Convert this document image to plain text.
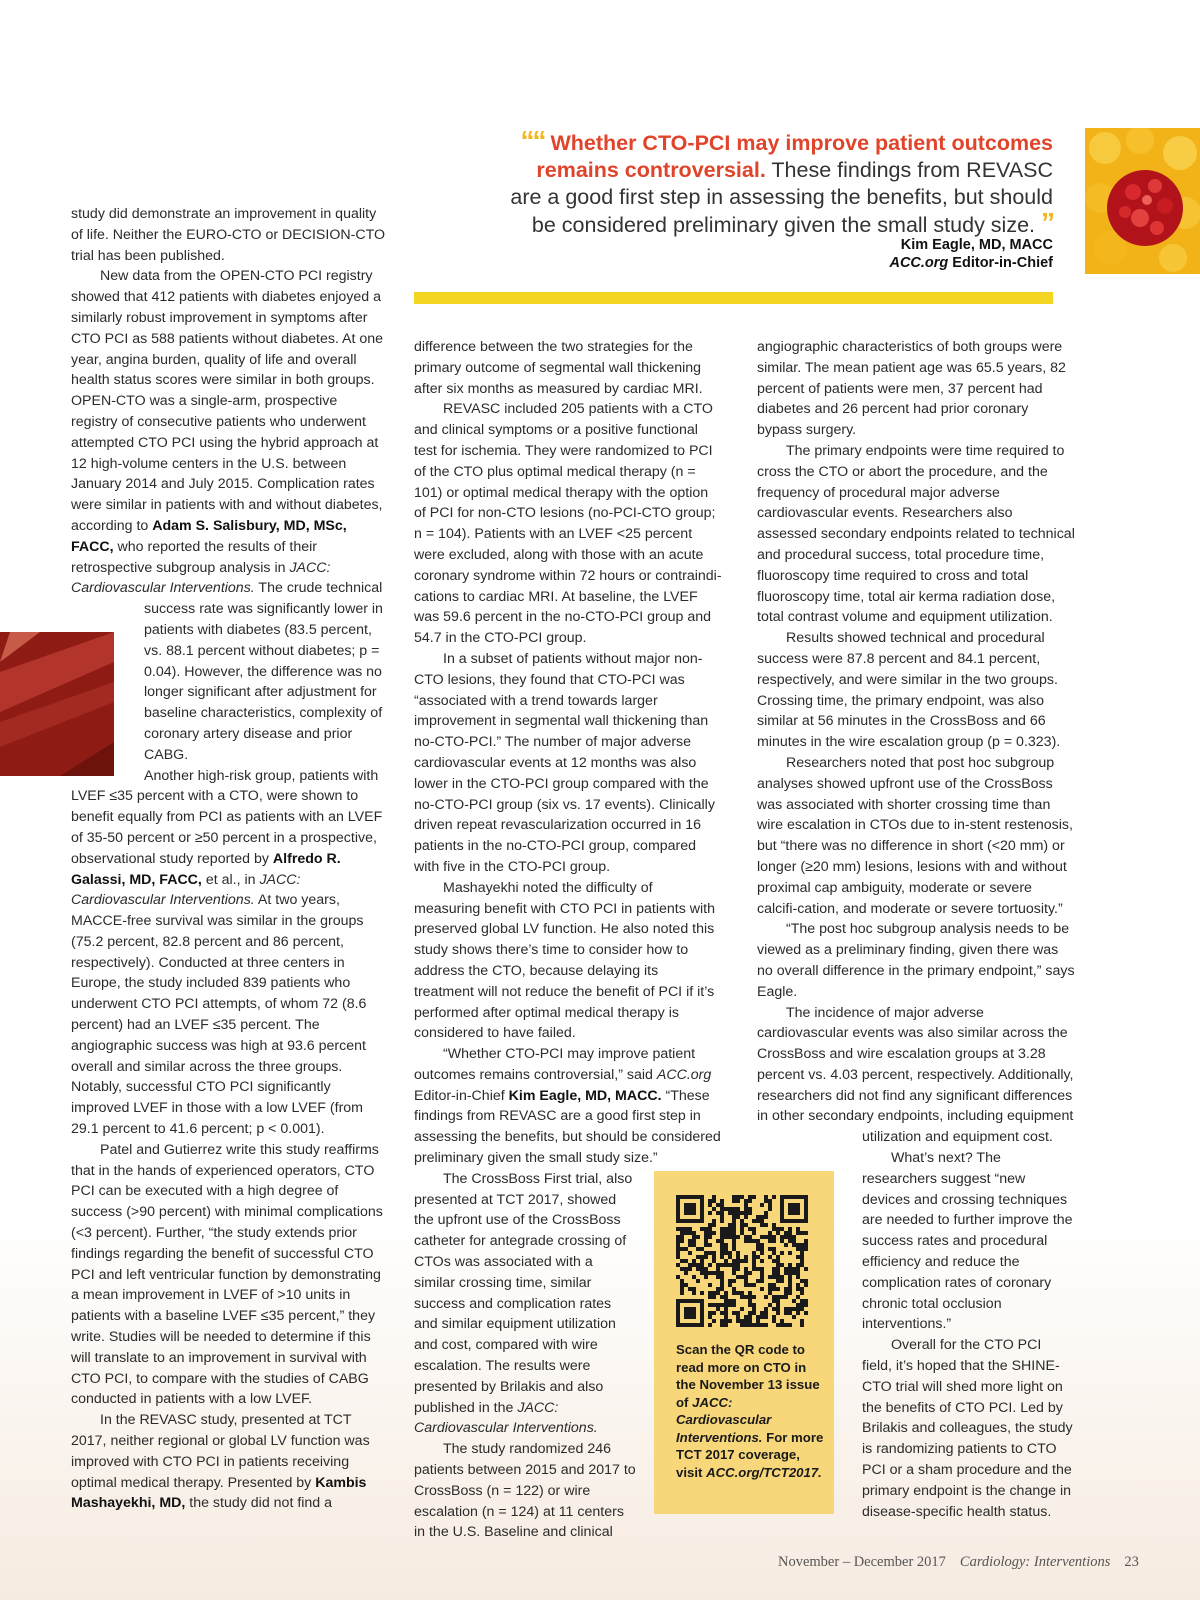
““ Whether CTO-PCI may improve patient outcomes remains controversial. These findings from REVASC are a good first step in assessing the benefits, but should be considered preliminary given the small study size. ”
Kim Eagle, MD, MACC
ACC.org Editor-in-Chief

study did demonstrate an improvement in quality of life. Neither the EURO-CTO or DECISION-CTO trial has been published.

New data from the OPEN-CTO PCI registry showed that 412 patients with diabetes enjoyed a similarly robust improvement in symptoms after CTO PCI as 588 patients without diabetes. At one year, angina burden, quality of life and overall health status scores were similar in both groups. OPEN-CTO was a single-arm, prospective registry of consecutive patients who underwent attempted CTO PCI using the hybrid approach at 12 high-volume centers in the U.S. between January 2014 and July 2015. Complication rates were similar in patients with and without diabetes, according to Adam S. Salisbury, MD, MSc, FACC, who reported the results of their retrospective subgroup analysis in JACC: Cardiovascular Interventions. The crude technical

success rate was significantly lower in patients with diabetes (83.5 percent, vs. 88.1 percent without diabetes; p = 0.04). However, the difference was no longer significant after adjustment for baseline characteristics, complexity of coronary artery disease and prior CABG.

Another high-risk group, patients with LVEF ≤35 percent with a CTO, were shown to benefit equally from PCI as patients with an LVEF of 35-50 percent or ≥50 percent in a prospective, observational study reported by Alfredo R. Galassi, MD, FACC, et al., in JACC: Cardiovascular Interventions. At two years, MACCE-free survival was similar in the groups (75.2 percent, 82.8 percent and 86 percent, respectively). Conducted at three centers in Europe, the study included 839 patients who underwent CTO PCI attempts, of whom 72 (8.6 percent) had an LVEF ≤35 percent. The angiographic success was high at 93.6 percent overall and similar across the three groups. Notably, successful CTO PCI significantly improved LVEF in those with a low LVEF (from 29.1 percent to 41.6 percent; p < 0.001).

Patel and Gutierrez write this study reaffirms that in the hands of experienced operators, CTO PCI can be executed with a high degree of success (>90 percent) with minimal complications (<3 percent). Further, “the study extends prior findings regarding the benefit of successful CTO PCI and left ventricular function by demonstrating a mean improvement in LVEF of >10 units in patients with a baseline LVEF ≤35 percent,” they write. Studies will be needed to determine if this will translate to an improvement in survival with CTO PCI, to compare with the studies of CABG conducted in patients with a low LVEF.

In the REVASC study, presented at TCT 2017, neither regional or global LV function was improved with CTO PCI in patients receiving optimal medical therapy. Presented by Kambis Mashayekhi, MD, the study did not find a

difference between the two strategies for the primary outcome of segmental wall thickening after six months as measured by cardiac MRI.

REVASC included 205 patients with a CTO and clinical symptoms or a positive functional test for ischemia. They were randomized to PCI of the CTO plus optimal medical therapy (n = 101) or optimal medical therapy with the option of PCI for non-CTO lesions (no-PCI-CTO group; n = 104). Patients with an LVEF <25 percent were excluded, along with those with an acute coronary syndrome within 72 hours or contraindi-cations to cardiac MRI. At baseline, the LVEF was 59.6 percent in the no-CTO-PCI group and 54.7 in the CTO-PCI group.

In a subset of patients without major non-CTO lesions, they found that CTO-PCI was “associated with a trend towards larger improvement in segmental wall thickening than no-CTO-PCI.” The number of major adverse cardiovascular events at 12 months was also lower in the CTO-PCI group compared with the no-CTO-PCI group (six vs. 17 events). Clinically driven repeat revascularization occurred in 16 patients in the no-CTO-PCI group, compared with five in the CTO-PCI group.

Mashayekhi noted the difficulty of measuring benefit with CTO PCI in patients with preserved global LV function. He also noted this study shows there’s time to consider how to address the CTO, because delaying its treatment will not reduce the benefit of PCI if it’s performed after optimal medical therapy is considered to have failed.

“Whether CTO-PCI may improve patient outcomes remains controversial,” said ACC.org Editor-in-Chief Kim Eagle, MD, MACC. “These findings from REVASC are a good first step in assessing the benefits, but should be considered preliminary given the small study size.”

The CrossBoss First trial, also presented at TCT 2017, showed the upfront use of the CrossBoss catheter for antegrade crossing of CTOs was associated with a similar crossing time, similar success and complication rates and similar equipment utilization and cost, compared with wire escalation. The results were presented by Brilakis and also published in the JACC: Cardiovascular Interventions.

The study randomized 246 patients between 2015 and 2017 to CrossBoss (n = 122) or wire escalation (n = 124) at 11 centers in the U.S. Baseline and clinical

angiographic characteristics of both groups were similar. The mean patient age was 65.5 years, 82 percent of patients were men, 37 percent had diabetes and 26 percent had prior coronary bypass surgery.

The primary endpoints were time required to cross the CTO or abort the procedure, and the frequency of procedural major adverse cardiovascular events. Researchers also assessed secondary endpoints related to technical and procedural success, total procedure time, fluoroscopy time required to cross and total fluoroscopy time, total air kerma radiation dose, total contrast volume and equipment utilization.

Results showed technical and procedural success were 87.8 percent and 84.1 percent, respectively, and were similar in the two groups. Crossing time, the primary endpoint, was also similar at 56 minutes in the CrossBoss and 66 minutes in the wire escalation group (p = 0.323).

Researchers noted that post hoc subgroup analyses showed upfront use of the CrossBoss was associated with shorter crossing time than wire escalation in CTOs due to in-stent restenosis, but “there was no difference in short (<20 mm) or longer (≥20 mm) lesions, lesions with and without proximal cap ambiguity, moderate or severe calcifi-cation, and moderate or severe tortuosity.”

“The post hoc subgroup analysis needs to be viewed as a preliminary finding, given there was no overall difference in the primary endpoint,” says Eagle.

The incidence of major adverse cardiovascular events was also similar across the CrossBoss and wire escalation groups at 3.28 percent vs. 4.03 percent, respectively. Additionally, researchers did not find any significant differences in other secondary endpoints, including equipment

utilization and equipment cost.

What’s next? The researchers suggest “new devices and crossing techniques are needed to further improve the success rates and procedural efficiency and reduce the complication rates of coronary chronic total occlusion interventions.”

Overall for the CTO PCI field, it’s hoped that the SHINE-CTO trial will shed more light on the benefits of CTO PCI. Led by Brilakis and colleagues, the study is randomizing patients to CTO PCI or a sham procedure and the primary endpoint is the change in disease-specific health status.

Scan the QR code to read more on CTO in the November 13 issue of JACC: Cardiovascular Interventions. For more TCT 2017 coverage, visit ACC.org/TCT2017.
November – December 2017 Cardiology: Interventions 23
